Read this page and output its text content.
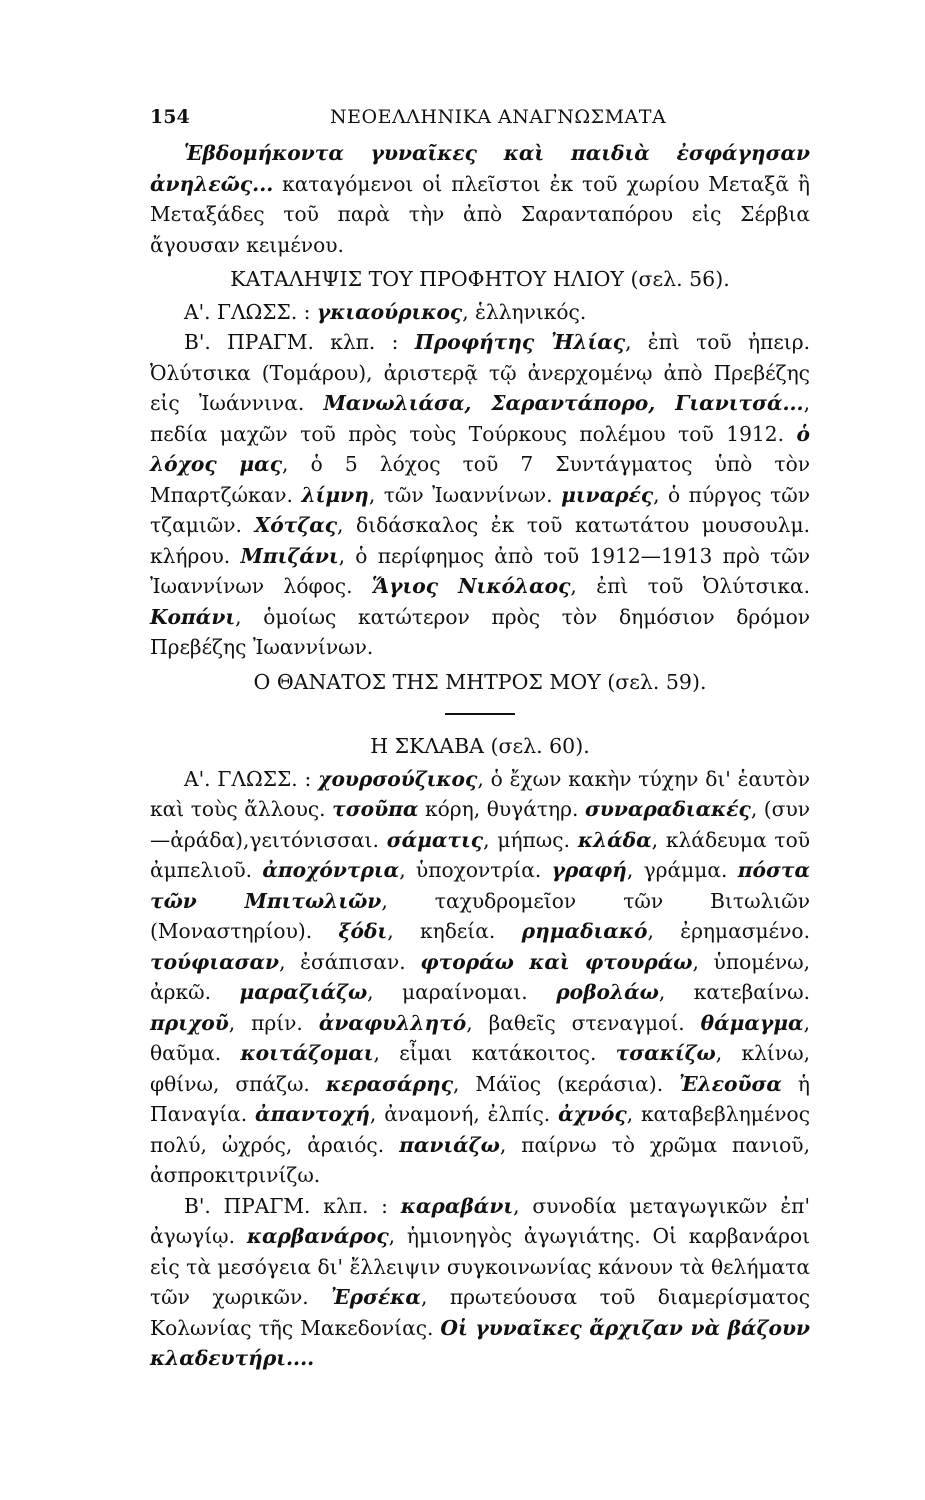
154	ΝΕΟΕΛΛΗΝΙΚΑ ΑΝΑΓΝΩΣΜΑΤΑ

Ἑβδομήκοντα γυναῖκες καὶ παιδιὰ ἐσφάγησαν ἀνηλεῶς... καταγόμενοι οἱ πλεῖστοι ἐκ τοῦ χωρίου Μεταξᾶ ἢ Μεταξάδες τοῦ παρὰ τὴν ἀπὸ Σαρανταπόρου εἰς Σέρβια ἄγουσαν κειμένου.

ΚΑΤΑΛΗΨΙΣ ΤΟΥ ΠΡΟΦΗΤΟΥ ΗΛΙΟΥ (σελ. 56).

Α'. ΓΛΩΣΣ. : γκιαούρικος, ἑλληνικός.

Β'. ΠΡΑΓΜ. κλπ. : Προφήτης Ἠλίας, ἐπὶ τοῦ ἠπειρ. Ὀλύτσικα (Τομάρου), ἀριστερᾷ τῷ ἀνερχομένῳ ἀπὸ Πρεβέζης εἰς Ἰωάννινα. Μανωλιάσα, Σαραντάπορο, Γιανιτσά..., πεδία μαχῶν τοῦ πρὸς τοὺς Τούρκους πολέμου τοῦ 1912. ὁ λόχος μας, ὁ 5 λόχος τοῦ 7 Συντάγματος ὑπὸ τὸν Μπαρτζώκαν. λίμνη, τῶν Ἰωαννίνων. μιναρές, ὁ πύργος τῶν τζαμιῶν. Χότζας, διδάσκαλος ἐκ τοῦ κατωτάτου μουσουλμ. κλήρου. Μπιζάνι, ὁ περίφημος ἀπὸ τοῦ 1912—1913 πρὸ τῶν Ἰωαννίνων λόφος. Ἅγιος Νικόλαος, ἐπὶ τοῦ Ὀλύτσικα. Κοπάνι, ὁμοίως κατώτερον πρὸς τὸν δημόσιον δρόμον Πρεβέζης Ἰωαννίνων.

Ο ΘΑΝΑΤΟΣ ΤΗΣ ΜΗΤΡΟΣ ΜΟΥ (σελ. 59).

Η ΣΚΛΑΒΑ (σελ. 60).

Α'. ΓΛΩΣΣ. : χουρσούζικος, ὁ ἔχων κακὴν τύχην δι' ἑαυτὸν καὶ τοὺς ἄλλους. τσοῦπα κόρη, θυγάτηρ. συναραδιακές, (συν—ἀράδα),γειτόνισσαι. σάματις, μήπως. κλάδα, κλάδευμα τοῦ ἀμπελιοῦ. ἀποχόντρια, ὑποχοντρία. γραφή, γράμμα. πόστα τῶν Μπιτωλιῶν, ταχυδρομεῖον τῶν Βιτωλιῶν (Μοναστηρίου). ξόδι, κηδεία. ρημαδιακό, ἐρημασμένο. τούφιασαν, ἐσάπισαν. φτοράω καὶ φτουράω, ὑπομένω, ἀρκῶ. μαραζιάζω, μαραίνομαι. ροβολάω, κατεβαίνω. πριχοῦ, πρίν. ἀναφυλλητό, βαθεῖς στεναγμοί. θάμαγμα, θαῦμα. κοιτάζομαι, εἶμαι κατάκοιτος. τσακίζω, κλίνω, φθίνω, σπάζω. κερασάρης, Μάϊος (κεράσια). Ἐλεοῦσα ἡ Παναγία. ἀπαντοχή, ἀναμονή, ἐλπίς. ἀχνός, καταβεβλημένος πολύ, ὠχρός, ἀραιός. πανιάζω, παίρνω τὸ χρῶμα πανιοῦ, ἀσπροκιτρινίζω.

Β'. ΠΡΑΓΜ. κλπ. : καραβάνι, συνοδία μεταγωγικῶν ἐπ' ἀγωγίῳ. καρβανάρος, ἡμιονηγὸς ἀγωγιάτης. Οἱ καρβανάροι εἰς τὰ μεσόγεια δι' ἔλλειψιν συγκοινωνίας κάνουν τὰ θελήματα τῶν χωρικῶν. Ἐρσέκα, πρωτεύουσα τοῦ διαμερίσματος Κολωνίας τῆς Μακεδονίας. Οἱ γυναῖκες ἄρχιζαν νὰ βάζουν κλαδευτήρι....
